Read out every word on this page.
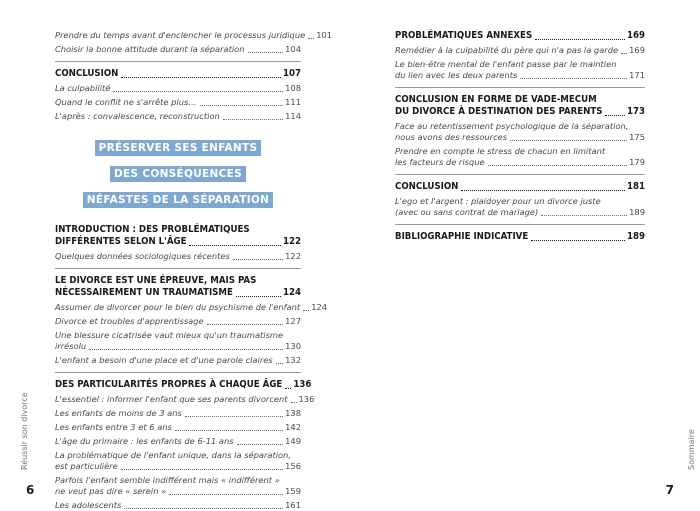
Prendre du temps avant d'enclencher le processus juridique 101
Choisir la bonne attitude durant la séparation	104
CONCLUSION	107
La culpabilité	108
Quand le conflit ne s'arrête plus…	111
L'après : convalescence, reconstruction	114
PRÉSERVER SES ENFANTS
DES CONSÉQUENCES
NÉFASTES DE LA SÉPARATION
INTRODUCTION : DES PROBLÉMATIQUES
DIFFÉRENTES SELON L'ÂGE	122
Quelques données sociologiques récentes	122
LE DIVORCE EST UNE ÉPREUVE, MAIS PAS
NÉCESSAIREMENT UN TRAUMATISME	124
Assumer de divorcer pour le bien du psychisme de l'enfant 124
Divorce et troubles d'apprentissage	127
Une blessure cicatrisée vaut mieux qu'un traumatisme
irrésolu	130
L'enfant a besoin d'une place et d'une parole claires 132
DES PARTICULARITÉS PROPRES À CHAQUE ÂGE 136
L'essentiel : informer l'enfant que ses parents divorcent 136
Les enfants de moins de 3 ans	138
Les enfants entre 3 et 6 ans	142
L'âge du primaire : les enfants de 6-11 ans	149
La problématique de l'enfant unique, dans la séparation,
est particulière	156
Parfois l'enfant semble indifférent mais « indifférent »
ne veut pas dire « serein »	159
Les adolescents	161
Réussir son divorce
6
PROBLÉMATIQUES ANNEXES	169
Remédier à la culpabilité du père qui n'a pas la garde 169
Le bien-être mental de l'enfant passe par le maintien
du lien avec les deux parents	171
CONCLUSION EN FORME DE VADE-MECUM
DU DIVORCE À DESTINATION DES PARENTS	173
Face au retentissement psychologique de la séparation,
nous avons des ressources	175
Prendre en compte le stress de chacun en limitant
les facteurs de risque	179
CONCLUSION	181
L'ego et l'argent : plaidoyer pour un divorce juste
(avec ou sans contrat de mariage)	189
BIBLIOGRAPHIE INDICATIVE	189
Sommaire
7
